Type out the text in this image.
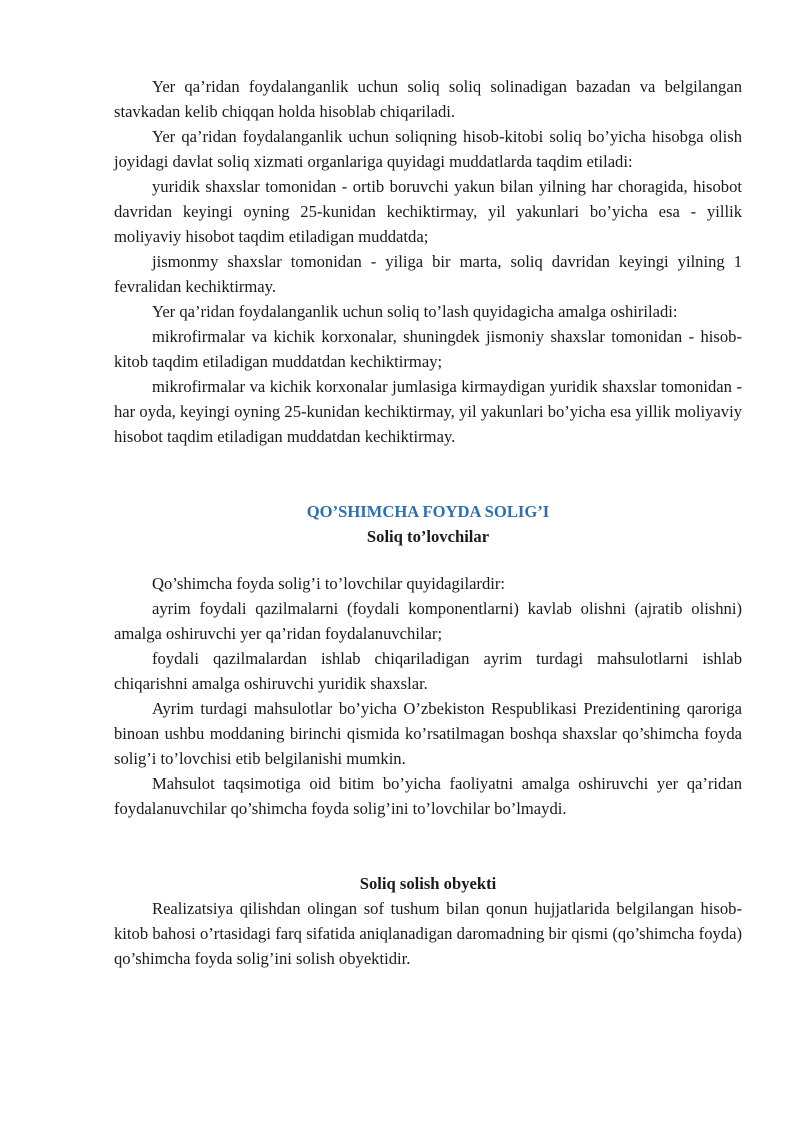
Yer qa’ridan foydalanganlik uchun soliq soliq solinadigan bazadan va belgilangan stavkadan kelib chiqqan holda hisoblab chiqariladi.

Yer qa’ridan foydalanganlik uchun soliqning hisob-kitobi soliq bo’yicha hisobga olish joyidagi davlat soliq xizmati organlariga quyidagi muddatlarda taqdim etiladi:

yuridik shaxslar tomonidan - ortib boruvchi yakun bilan yilning har choragida, hisobot davridan keyingi oyning 25-kunidan kechiktirmay, yil yakunlari bo’yicha esa - yillik moliyaviy hisobot taqdim etiladigan muddatda;

jismonmy shaxslar tomonidan - yiliga bir marta, soliq davridan keyingi yilning 1 fevralidan kechiktirmay.

Yer qa’ridan foydalanganlik uchun soliq to’lash quyidagicha amalga oshiriladi:

mikrofirmalar va kichik korxonalar, shuningdek jismoniy shaxslar tomonidan - hisob-kitob taqdim etiladigan muddatdan kechiktirmay;

mikrofirmalar va kichik korxonalar jumlasiga kirmaydigan yuridik shaxslar tomonidan - har oyda, keyingi oyning 25-kunidan kechiktirmay, yil yakunlari bo’yicha esa yillik moliyaviy hisobot taqdim etiladigan muddatdan kechiktirmay.

QO’SHIMCHA FOYDA SOLIG’I
Soliq to’lovchilar

Qo’shimcha foyda solig’i to’lovchilar quyidagilardir:

ayrim foydali qazilmalarni (foydali komponentlarni) kavlab olishni (ajratib olishni) amalga oshiruvchi yer qa’ridan foydalanuvchilar;

foydali qazilmalardan ishlab chiqariladigan ayrim turdagi mahsulotlarni ishlab chiqarishni amalga oshiruvchi yuridik shaxslar.

Ayrim turdagi mahsulotlar bo’yicha O’zbekiston Respublikasi Prezidentining qaroriga binoan ushbu moddaning birinchi qismida ko’rsatilmagan boshqa shaxslar qo’shimcha foyda solig’i to’lovchisi etib belgilanishi mumkin.

Mahsulot taqsimotiga oid bitim bo’yicha faoliyatni amalga oshiruvchi yer qa’ridan foydalanuvchilar qo’shimcha foyda solig’ini to’lovchilar bo’lmaydi.

Soliq solish obyekti

Realizatsiya qilishdan olingan sof tushum bilan qonun hujjatlarida belgilangan hisob-kitob bahosi o’rtasidagi farq sifatida aniqlanadigan daromadning bir qismi (qo’shimcha foyda) qo’shimcha foyda solig’ini solish obyektidir.
